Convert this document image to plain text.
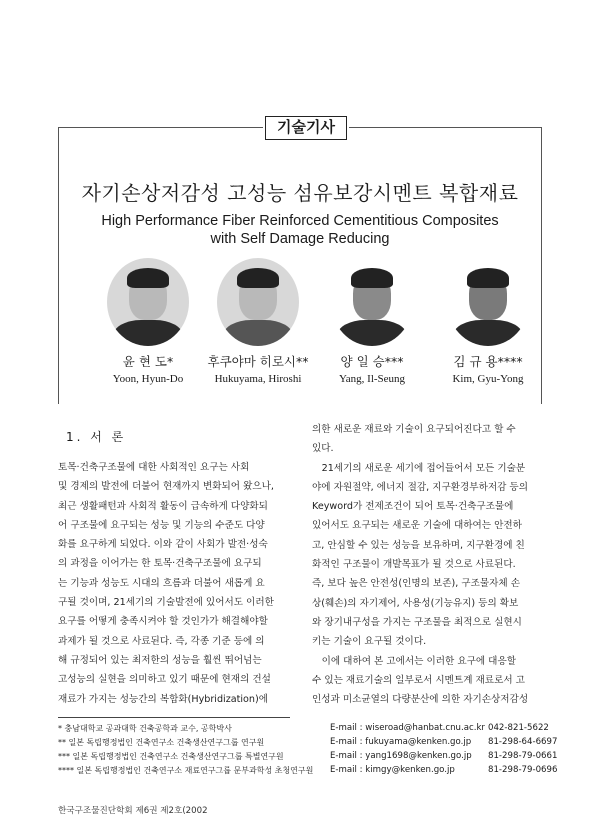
기술기사
자기손상저감성 고성능 섬유보강시멘트 복합재료
High Performance Fiber Reinforced Cementitious Composites
with Self Damage Reducing
윤 현 도*
Yoon, Hyun-Do
후쿠야마 히로시**
Hukuyama, Hiroshi
양 일 승***
Yang, Il-Seung
김 규 용****
Kim, Gyu-Yong
1. 서 론

토목·건축구조물에 대한 사회적인 요구는 사회

및 경제의 발전에 더불어 현재까지 변화되어 왔으나,

최근 생활패턴과 사회적 활동이 급속하게 다양화되

어 구조물에 요구되는 성능 및 기능의 수준도 다양

화를 요구하게 되었다. 이와 같이 사회가 발전·성숙

의 과정을 이어가는 한 토목·건축구조물에 요구되

는 기능과 성능도 시대의 흐름과 더불어 새롭게 요

구될 것이며, 21세기의 기술발전에 있어서도 이러한

요구를 어떻게 충족시켜야 할 것인가가 해결해야할

과제가 될 것으로 사료된다. 즉, 각종 기준 등에 의

해 규정되어 있는 최저한의 성능을 훨씬 뛰어넘는

고성능의 실현을 의미하고 있기 때문에 현재의 건설

재료가 가지는 성능간의 복합화(Hybridization)에

의한 새로운 재료와 기술이 요구되어진다고 할 수

있다.

　21세기의 새로운 세기에 접어들어서 모든 기술분

야에 자원절약, 에너지 절감, 지구환경부하저감 등의

Keyword가 전제조건이 되어 토목·건축구조물에

있어서도 요구되는 새로운 기술에 대하여는 안전하

고, 안심할 수 있는 성능을 보유하며, 지구환경에 친

화적인 구조물이 개발목표가 될 것으로 사료된다.

즉, 보다 높은 안전성(인명의 보존), 구조물자체 손

상(훼손)의 자기제어, 사용성(기능유지) 등의 확보

와 장기내구성을 가지는 구조물을 최적으로 실현시

키는 기술이 요구될 것이다.

　이에 대하여 본 고에서는 이러한 요구에 대응할

수 있는 재료기술의 일부로서 시멘트계 재료로서 고

인성과 미소균열의 다량분산에 의한 자기손상저감성

* 충남대학교 공과대학 건축공학과 교수, 공학박사
** 일본 독립행정법인 건축연구소 건축생산연구그룹 연구원
*** 일본 독립행정법인 건축연구소 건축생산연구그룹 특별연구원
**** 일본 독립행정법인 건축연구소 재료연구그룹 문부과학성 초청연구원
E-mail : wiseroad@hanbat.cnu.ac.kr 042-821-5622
E-mail : fukuyama@kenken.go.jp 81-298-64-6697
E-mail : yang1698@kenken.go.jp 81-298-79-0661
E-mail : kimgy@kenken.go.jp	81-298-79-0696
한국구조물진단학회 제6권 제2호(2002
